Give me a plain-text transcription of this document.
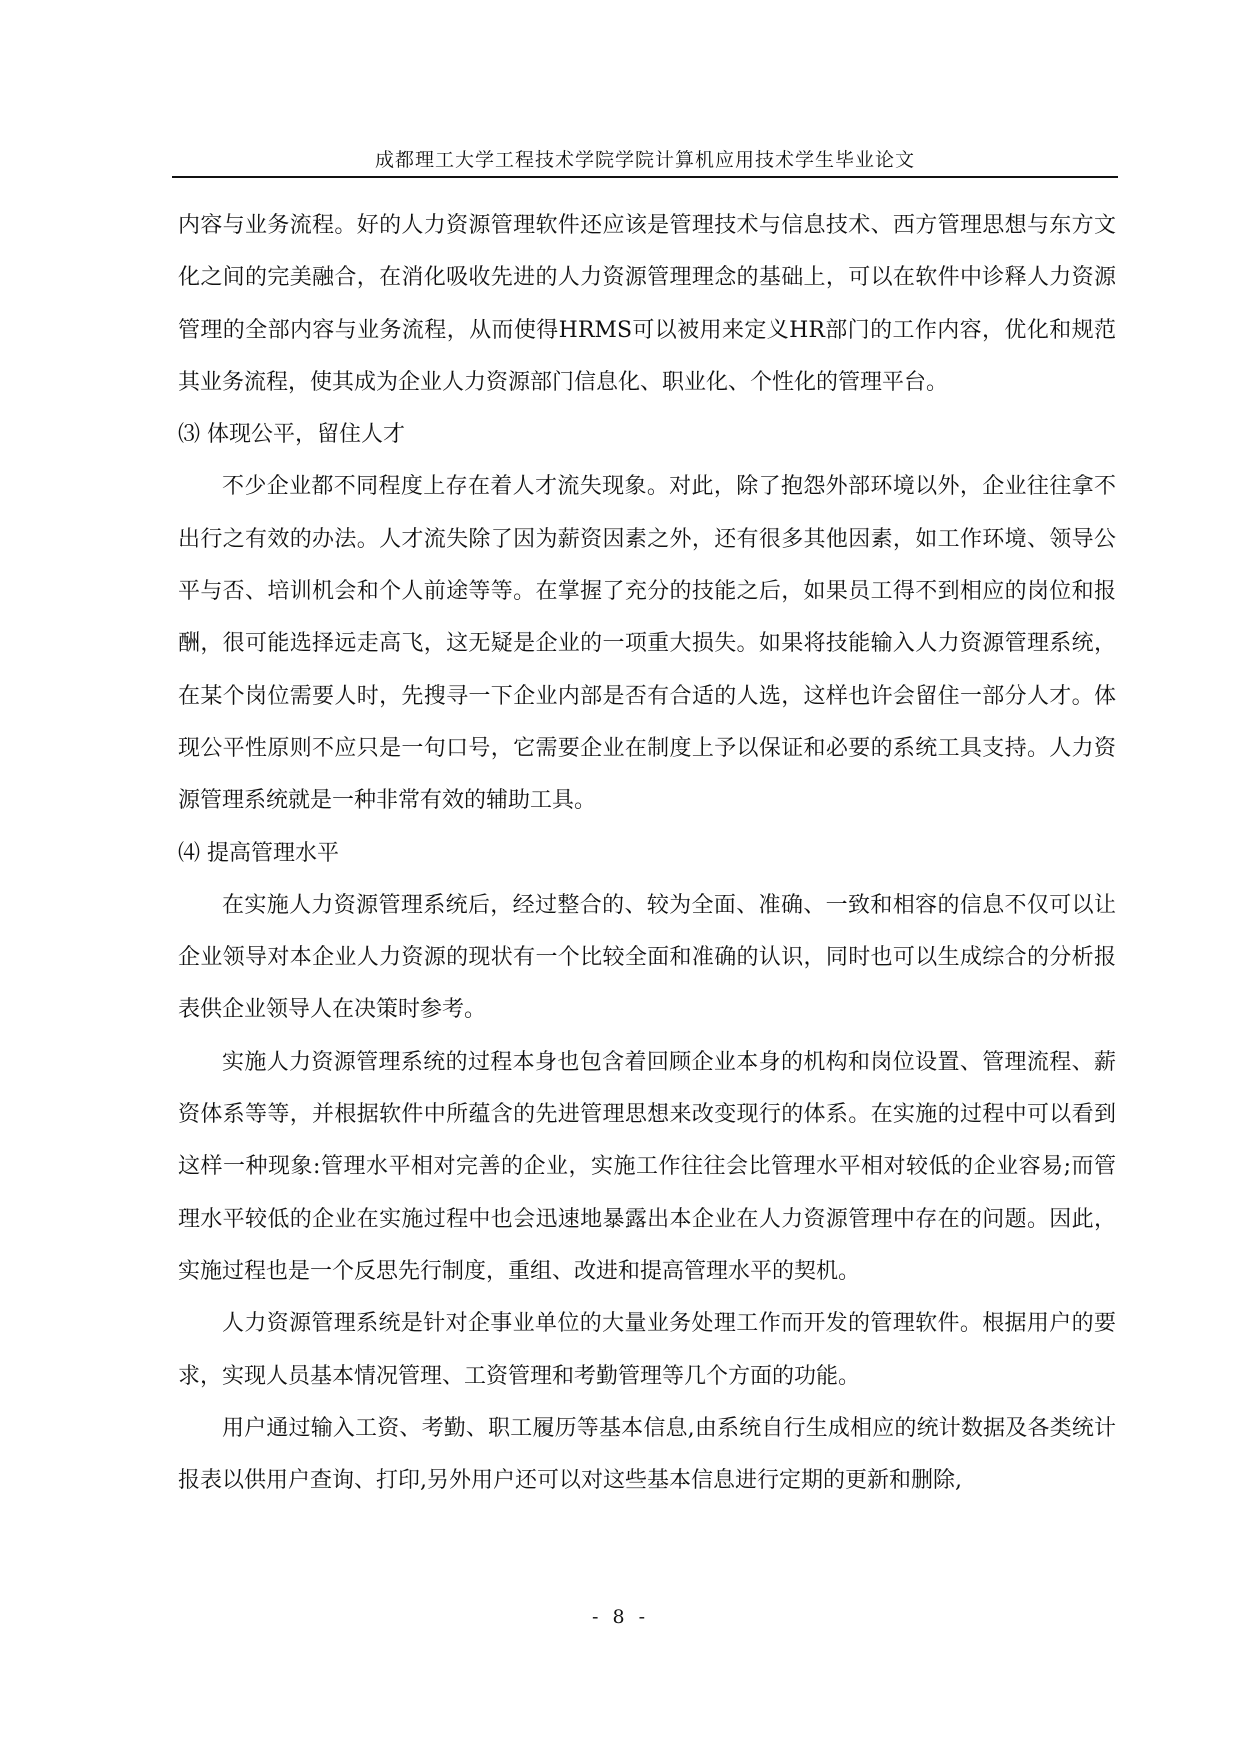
成都理工大学工程技术学院学院计算机应用技术学生毕业论文

内容与业务流程。好的人力资源管理软件还应该是管理技术与信息技术、西方管理思想与东方文化之间的完美融合，在消化吸收先进的人力资源管理理念的基础上，可以在软件中诊释人力资源管理的全部内容与业务流程，从而使得HRMS可以被用来定义HR部门的工作内容，优化和规范其业务流程，使其成为企业人力资源部门信息化、职业化、个性化的管理平台。

⑶ 体现公平，留住人才

不少企业都不同程度上存在着人才流失现象。对此，除了抱怨外部环境以外，企业往往拿不出行之有效的办法。人才流失除了因为薪资因素之外，还有很多其他因素，如工作环境、领导公平与否、培训机会和个人前途等等。在掌握了充分的技能之后，如果员工得不到相应的岗位和报酬，很可能选择远走高飞，这无疑是企业的一项重大损失。如果将技能输入人力资源管理系统，在某个岗位需要人时，先搜寻一下企业内部是否有合适的人选，这样也许会留住一部分人才。体现公平性原则不应只是一句口号，它需要企业在制度上予以保证和必要的系统工具支持。人力资源管理系统就是一种非常有效的辅助工具。

⑷ 提高管理水平

在实施人力资源管理系统后，经过整合的、较为全面、准确、一致和相容的信息不仅可以让企业领导对本企业人力资源的现状有一个比较全面和准确的认识，同时也可以生成综合的分析报表供企业领导人在决策时参考。

实施人力资源管理系统的过程本身也包含着回顾企业本身的机构和岗位设置、管理流程、薪资体系等等，并根据软件中所蕴含的先进管理思想来改变现行的体系。在实施的过程中可以看到这样一种现象:管理水平相对完善的企业，实施工作往往会比管理水平相对较低的企业容易;而管理水平较低的企业在实施过程中也会迅速地暴露出本企业在人力资源管理中存在的问题。因此，实施过程也是一个反思先行制度，重组、改进和提高管理水平的契机。

人力资源管理系统是针对企事业单位的大量业务处理工作而开发的管理软件。根据用户的要求，实现人员基本情况管理、工资管理和考勤管理等几个方面的功能。

用户通过输入工资、考勤、职工履历等基本信息,由系统自行生成相应的统计数据及各类统计报表以供用户查询、打印,另外用户还可以对这些基本信息进行定期的更新和删除,

- 8 -
